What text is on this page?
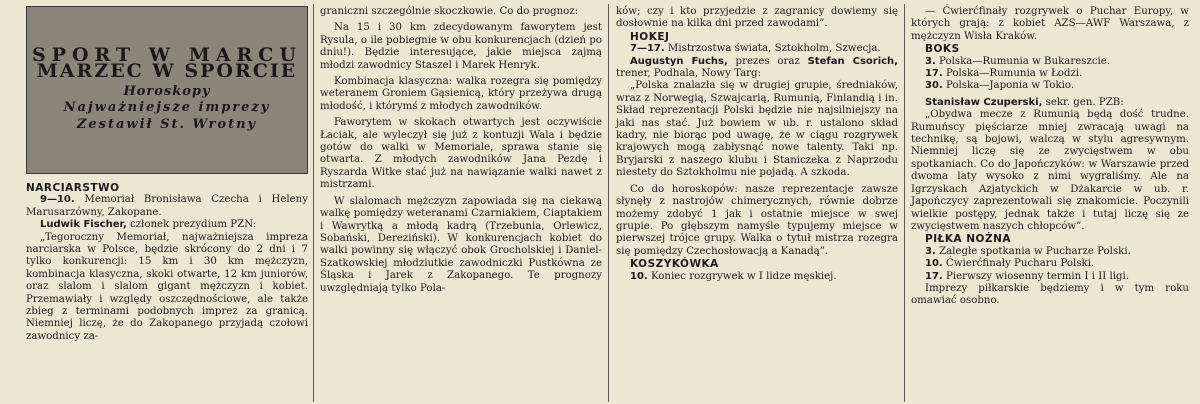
SPORT W MARCU
MARZEC W SPORCIE
Horoskopy
Najważniejsze imprezy
Zestawił St. Wrotny

NARCIARSTWO

9—10. Memoriał Bronisława Czecha i Heleny Marusarzówny, Zakopane.

Ludwik Fischer, członek prezydium PZN:

„Tegoroczny Memoriał, najważniejsza impreza narciarska w Polsce, będzie skrócony do 2 dni i 7 tylko konkurencji: 15 km i 30 km mężczyzn, kombinacja klasyczna, skoki otwarte, 12 km juniorów, oraz slalom i slalom gigant mężczyzn i kobiet. Przemawiały i względy oszczędnościowe, ale także zbieg z terminami podobnych imprez za granicą. Niemniej liczę, że do Zakopanego przyjadą czołowi zawodnicy za-

graniczni szczególnie skoczkowie. Co do prognoz:

Na 15 i 30 km zdecydowanym faworytem jest Rysula, o ile pobiegnie w obu konkurencjach (dzień po dniu!). Będzie interesujące, jakie miejsca zajmą młodzi zawodnicy Staszel i Marek Henryk.

Kombinacja klasyczna: walka rozegra się pomiędzy weteranem Groniem Gąsienicą, który przeżywa drugą młodość, i którymś z młodych zawodników.

Faworytem w skokach otwartych jest oczywiście Łaciak, ale wyleczył się już z kontuzji Wala i będzie gotów do walki w Memoriale, sprawa stanie się otwarta. Z młodych zawodników Jana Pezdę i Ryszarda Witke stać już na nawiązanie walki nawet z mistrzami.

W slalomach mężczyzn zapowiada się na ciekawą walkę pomiędzy weteranami Czarniakiem, Ciaptakiem i Wawrytką a młodą kadrą (Trzebunia, Orlewicz, Sobański, Dereziński). W konkurencjach kobiet do walki powinny się włączyć obok Grocholskiej i Daniel-Szatkowskiej młodziutkie zawodniczki Pustkówna ze Śląska i Jarek z Zakopanego. Te prognozy uwzględniają tylko Pola-

ków; czy i kto przyjedzie z zagranicy dowiemy się dosłownie na kilka dni przed zawodami”.

HOKEJ

7—17. Mistrzostwa świata, Sztokholm, Szwecja.

Augustyn Fuchs, prezes oraz Stefan Csorich, trener, Podhala, Nowy Targ:

„Polska znalazła się w drugiej grupie, średniaków, wraz z Norwegią, Szwajcarią, Rumunią, Finlandią i in. Skład reprezentacji Polski będzie nie najsilniejszy na jaki nas stać. Już bowiem w ub. r. ustalono skład kadry, nie biorąc pod uwagę, że w ciągu rozgrywek krajowych mogą zabłysnąć nowe talenty. Taki np. Bryjarski z naszego klubu i Staniczeka z Naprzodu niestety do Sztokholmu nie pojadą. A szkoda.

Co do horoskopów: nasze reprezentacje zawsze słynęły z nastrojów chimerycznych, równie dobrze możemy zdobyć 1 jak i ostatnie miejsce w swej grupie. Po głębszym namyśle typujemy miejsce w pierwszej trójce grupy. Walka o tytuł mistrza rozegra się pomiędzy Czechosłowacją a Kanadą”.

KOSZYKÓWKA

10. Koniec rozgrywek w I lidze męskiej.

— Ćwierćfinały rozgrywek o Puchar Europy, w których grają: z kobiet AZS—AWF Warszawa, z mężczyzn Wisła Kraków.

BOKS

3. Polska—Rumunia w Bukareszcie.

17. Polska—Rumunia w Łodzi.

30. Polska—Japonia w Tokio.

Stanisław Czuperski, sekr. gen. PZB:

„Obydwa mecze z Rumunią będą dość trudne. Rumuńscy pięściarze mniej zwracają uwagi na technikę, są bojowi, walczą w stylu agresywnym. Niemniej liczę się ze zwycięstwem w obu spotkaniach. Co do Japończyków: w Warszawie przed dwoma laty wysoko z nimi wygraliśmy. Ale na Igrzyskach Azjatyckich w Dżakarcie w ub. r. Japończycy zaprezentowali się znakomicie. Poczynili wielkie postępy, jednak także i tutaj liczę się ze zwycięstwem naszych chłopców”.

PIŁKA NOŻNA

3. Zaległe spotkania w Pucharze Polski.

10. Ćwierćfinały Pucharu Polski.

17. Pierwszy wiosenny termin I i II ligi.

Imprezy piłkarskie będziemy i w tym roku omawiać osobno.
